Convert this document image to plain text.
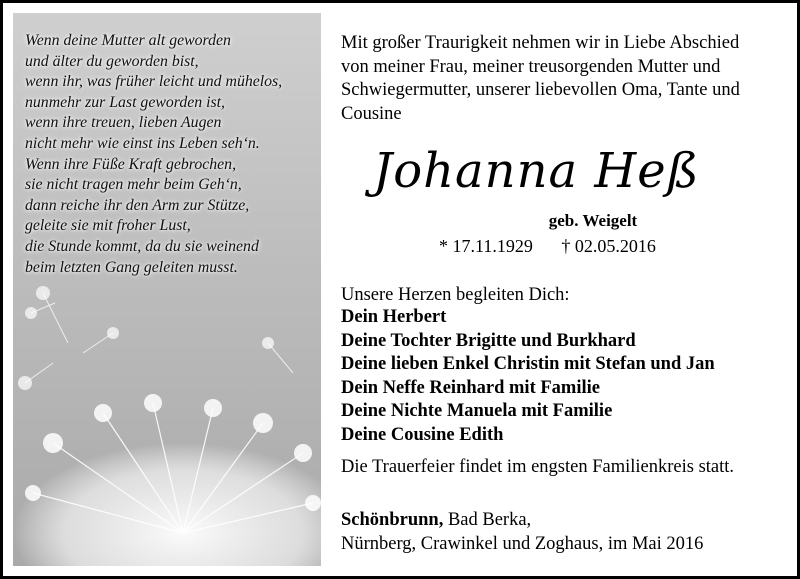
Wenn deine Mutter alt geworden
und älter du geworden bist,
wenn ihr, was früher leicht und mühelos,
nunmehr zur Last geworden ist,
wenn ihre treuen, lieben Augen
nicht mehr wie einst ins Leben seh‘n.
Wenn ihre Füße Kraft gebrochen,
sie nicht tragen mehr beim Geh‘n,
dann reiche ihr den Arm zur Stütze,
geleite sie mit froher Lust,
die Stunde kommt, da du sie weinend
beim letzten Gang geleiten musst.
Mit großer Traurigkeit nehmen wir in Liebe Abschied
von meiner Frau, meiner treusorgenden Mutter und
Schwiegermutter, unserer liebevollen Oma, Tante und
Cousine
Johanna Heß
geb. Weigelt
* 17.11.1929 † 02.05.2016
Unsere Herzen begleiten Dich:
Dein Herbert
Deine Tochter Brigitte und Burkhard
Deine lieben Enkel Christin mit Stefan und Jan
Dein Neffe Reinhard mit Familie
Deine Nichte Manuela mit Familie
Deine Cousine Edith
Die Trauerfeier findet im engsten Familienkreis statt.
Schönbrunn, Bad Berka,
Nürnberg, Crawinkel und Zoghaus, im Mai 2016
